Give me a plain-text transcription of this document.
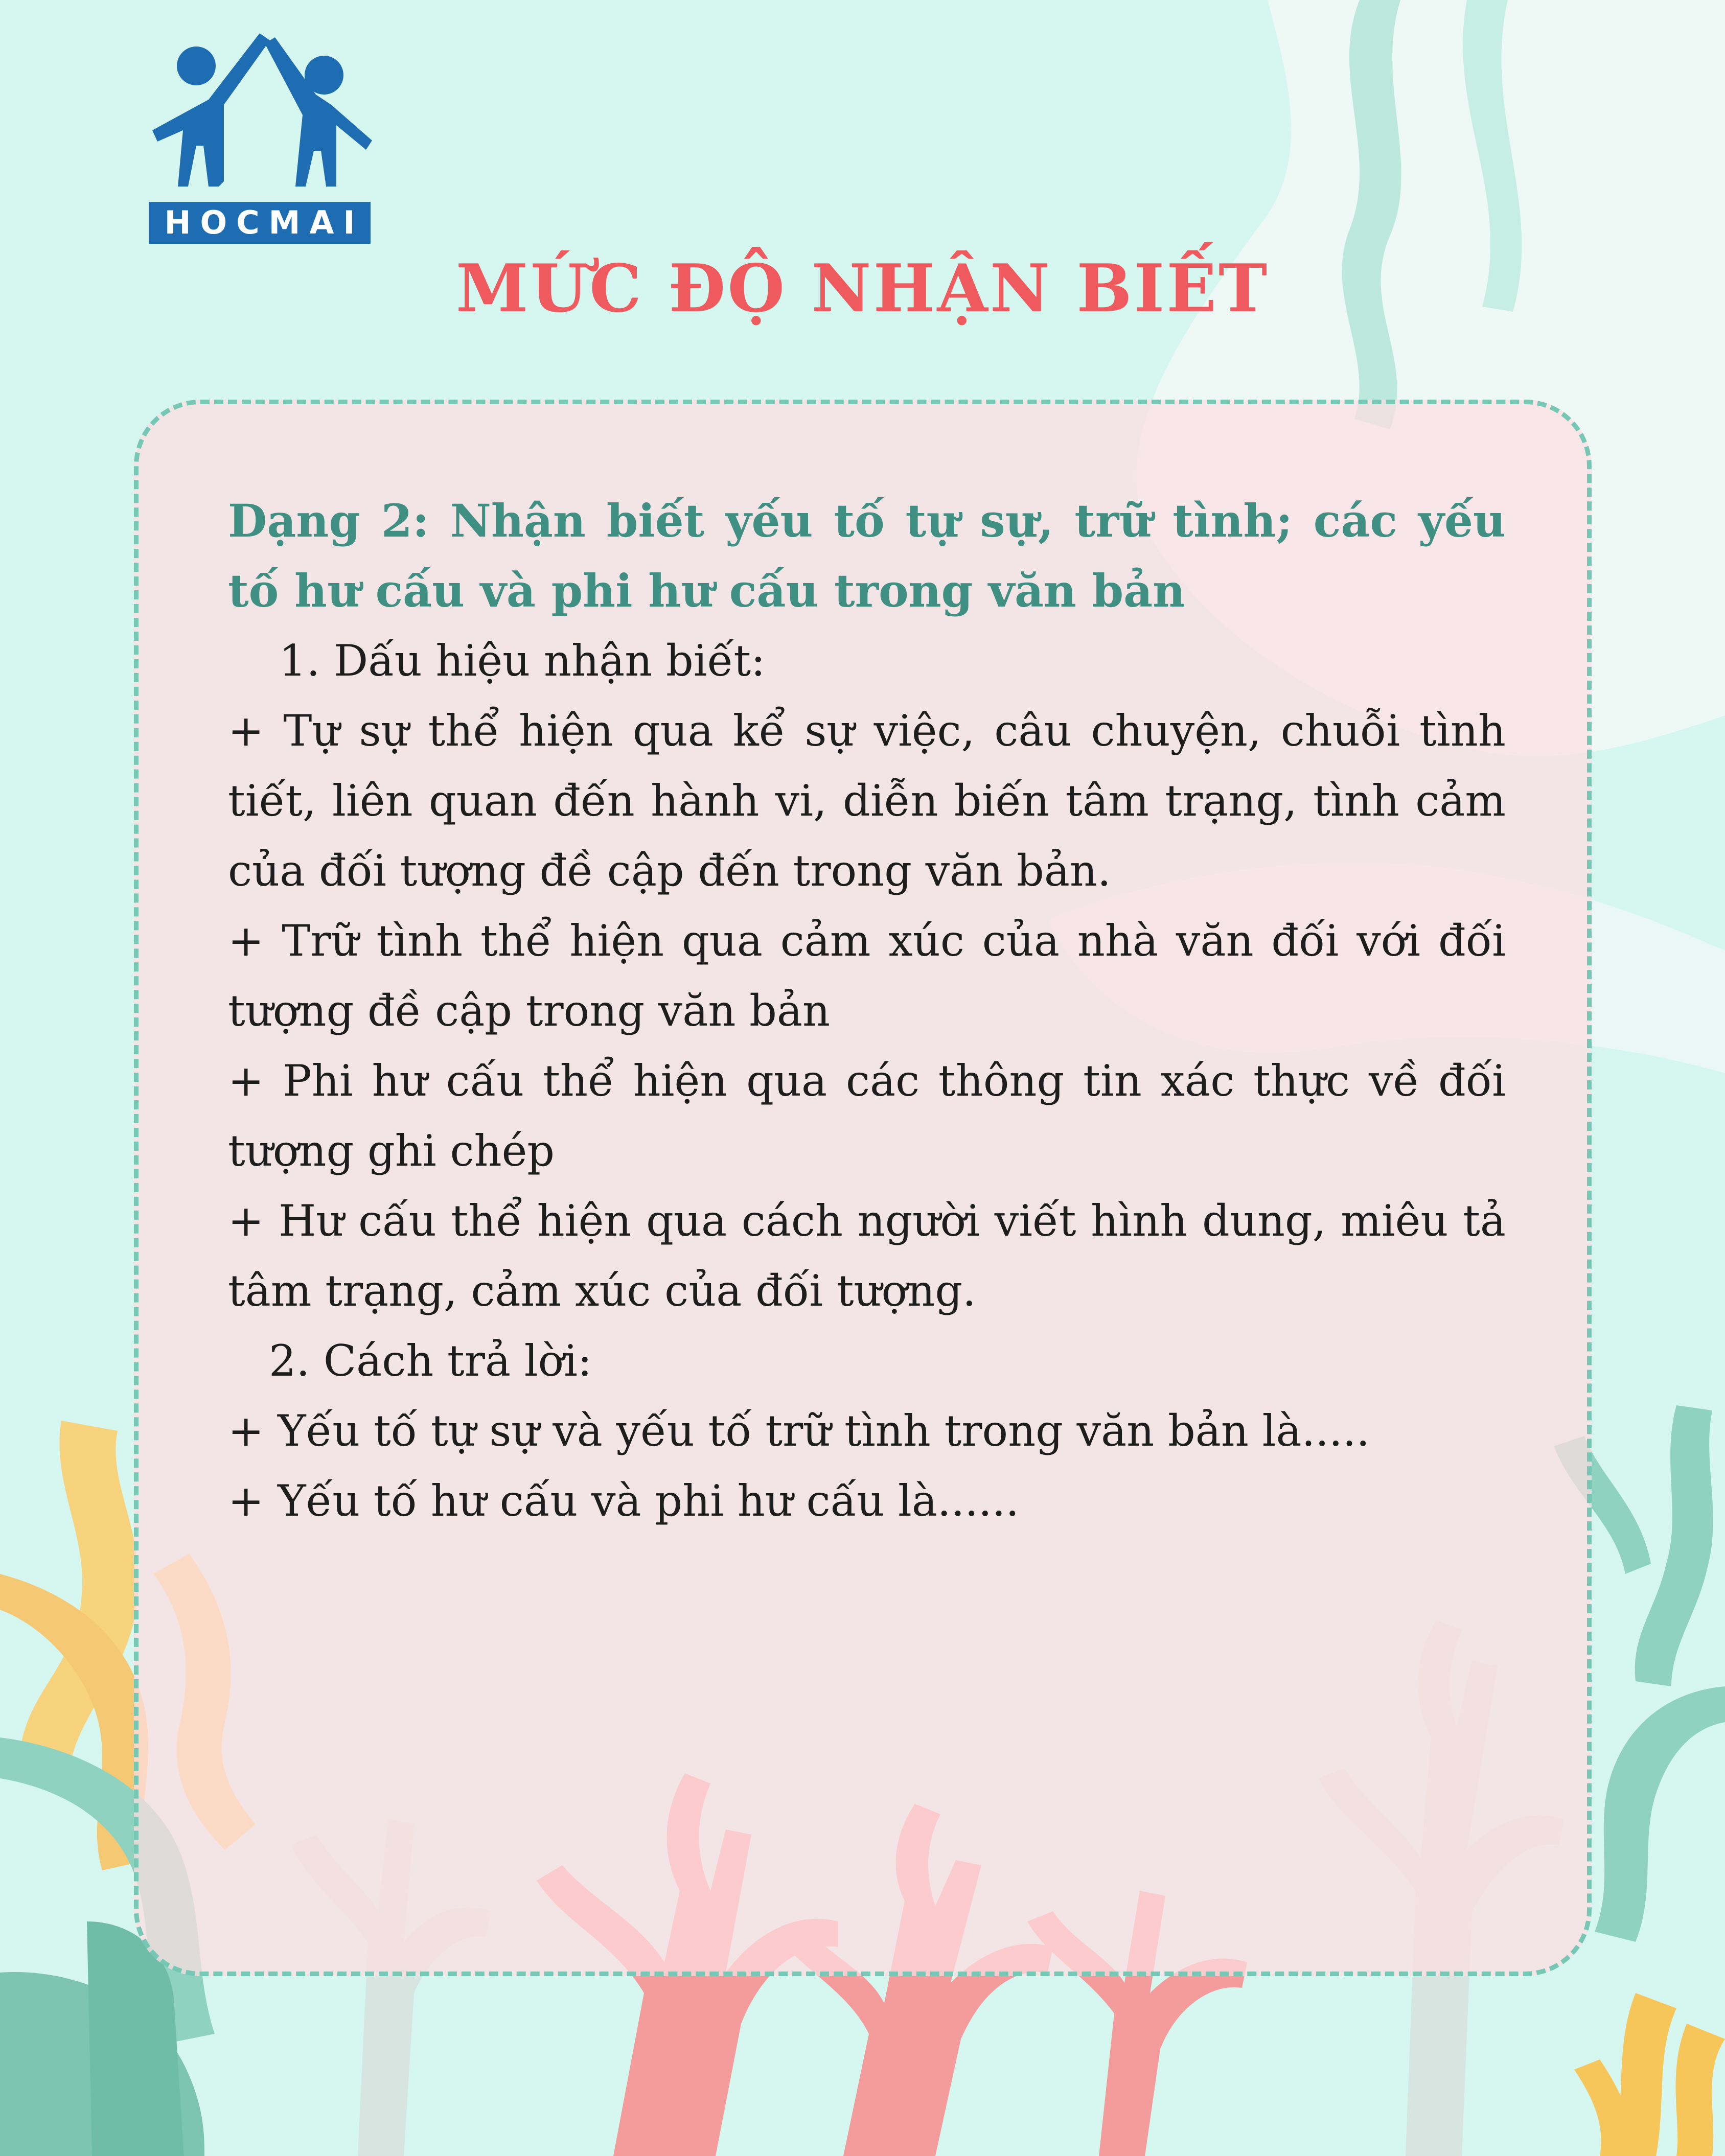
HOCMAI
MỨC ĐỘ NHẬN BIẾT

Dạng 2: Nhận biết yếu tố tự sự, trữ tình; các yếu tố hư cấu và phi hư cấu trong văn bản

1. Dấu hiệu nhận biết:

+ Tự sự thể hiện qua kể sự việc, câu chuyện, chuỗi tình tiết, liên quan đến hành vi, diễn biến tâm trạng, tình cảm của đối tượng đề cập đến trong văn bản.

+ Trữ tình thể hiện qua cảm xúc của nhà văn đối với đối tượng đề cập trong văn bản

+ Phi hư cấu thể hiện qua các thông tin xác thực về đối tượng ghi chép

+ Hư cấu thể hiện qua cách người viết hình dung, miêu tả tâm trạng, cảm xúc của đối tượng.

2. Cách trả lời:

+ Yếu tố tự sự và yếu tố trữ tình trong văn bản là.....

+ Yếu tố hư cấu và phi hư cấu là......
